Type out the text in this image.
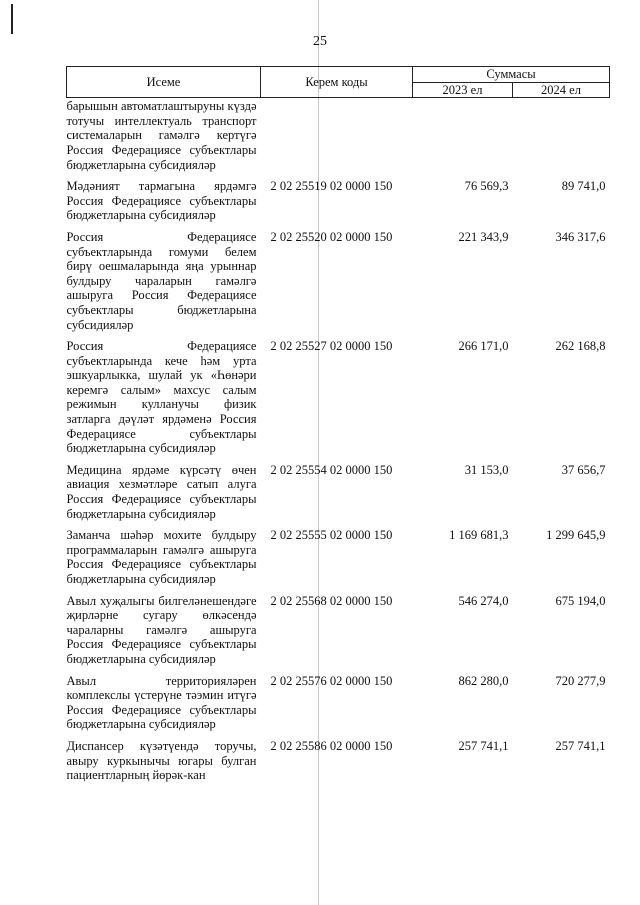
25
Исеме	Керем коды	Суммасы	
		2023 ел	2024 ел
барышын автоматлаштыруны күздә тотучы интеллектуаль транспорт системаларын гамәлгә кертүгә Россия Федерациясе субъектлары бюджетларына субсидияләр			
Мәдәният тармагына ярдәмгә Россия Федерациясе субъектлары бюджетларына субсидияләр	2 02 25519 02 0000 150	76 569,3	89 741,0
Россия Федерациясе субъектларында гомуми белем бирү оешмаларында яңа урыннар булдыру чараларын гамәлгә ашыруга Россия Федерациясе субъектлары бюджетларына субсидияләр	2 02 25520 02 0000 150	221 343,9	346 317,6
Россия Федерациясе субъектларында кече һәм урта эшкуарлыкка, шулай ук «Һөнәри керемгә салым» махсус салым режимын кулланучы физик затларга дәүләт ярдәменә Россия Федерациясе субъектлары бюджетларына субсидияләр	2 02 25527 02 0000 150	266 171,0	262 168,8
Медицина ярдәме күрсәтү өчен авиация хезмәтләре сатып алуга Россия Федерациясе субъектлары бюджетларына субсидияләр	2 02 25554 02 0000 150	31 153,0	37 656,7
Заманча шәһәр мохите булдыру программаларын гамәлгә ашыруга Россия Федерациясе субъектлары бюджетларына субсидияләр	2 02 25555 02 0000 150	1 169 681,3	1 299 645,9
Авыл хуҗалыгы билгеләнешендәге җирләрне сугару өлкәсендә чараларны гамәлгә ашыруга Россия Федерациясе субъектлары бюджетларына субсидияләр	2 02 25568 02 0000 150	546 274,0	675 194,0
Авыл территорияләрен комплекслы үстерүне тәэмин итүгә Россия Федерациясе субъектлары бюджетларына субсидияләр	2 02 25576 02 0000 150	862 280,0	720 277,9
Диспансер күзәтүендә торучы, авыру куркынычы югары булган пациентларның йөрәк-кан	2 02 25586 02 0000 150	257 741,1	257 741,1
